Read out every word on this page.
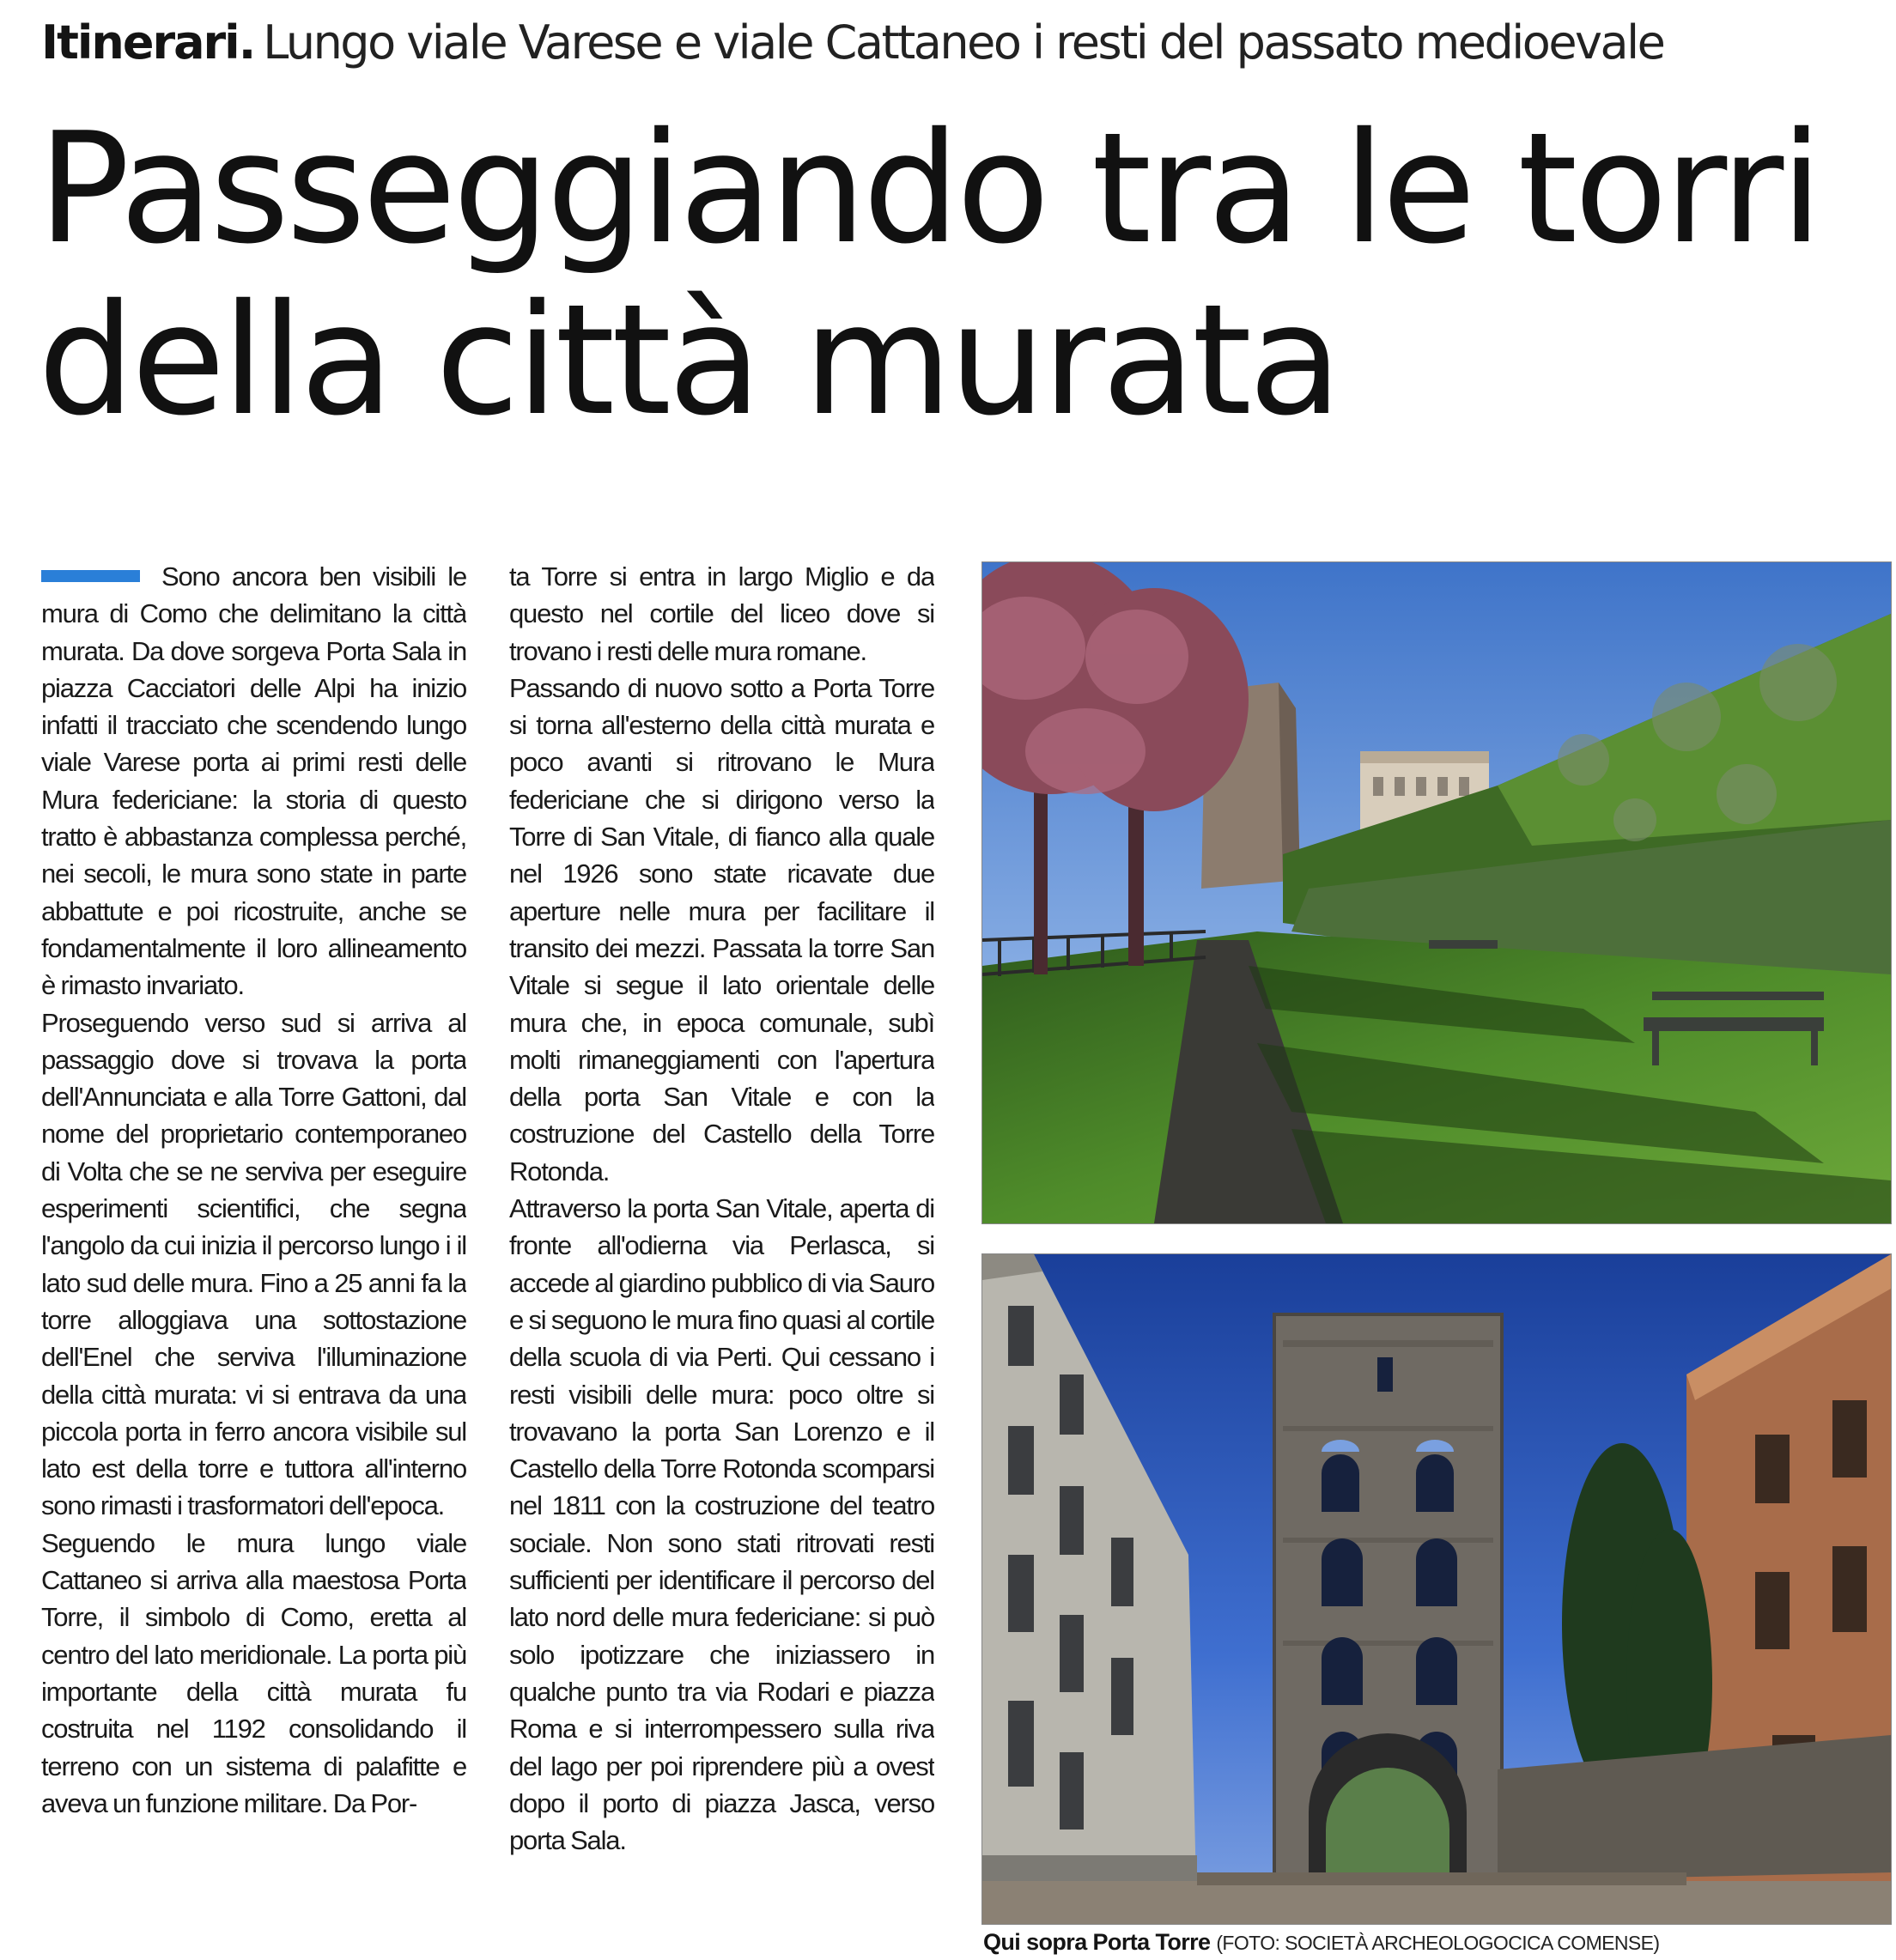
Itinerari. Lungo viale Varese e viale Cattaneo i resti del passato medioevale
Passeggiando tra le torri
della città murata

Sono ancora ben visibili le mura di Como che delimitano la città murata. Da dove sorgeva Porta Sala in piazza Cacciatori delle Alpi ha inizio infatti il tracciato che scendendo lungo viale Varese porta ai primi resti delle Mura federiciane: la storia di questo tratto è abbastanza complessa perché, nei secoli, le mura sono state in parte abbattute e poi ricostruite, anche se fondamentalmente il loro allineamento è rimasto invariato.

Proseguendo verso sud si arriva al passaggio dove si trovava la porta dell'Annunciata e alla Torre Gattoni, dal nome del proprietario contemporaneo di Volta che se ne serviva per eseguire esperimenti scientifici, che segna l'angolo da cui inizia il percorso lungo i il lato sud delle mura. Fino a 25 anni fa la torre alloggiava una sottostazione dell'Enel che serviva l'illuminazione della città murata: vi si entrava da una piccola porta in ferro ancora visibile sul lato est della torre e tuttora all'interno sono rimasti i trasformatori dell'epoca.

Seguendo le mura lungo viale Cattaneo si arriva alla maestosa Porta Torre, il simbolo di Como, eretta al centro del lato meridionale. La porta più importante della città murata fu costruita nel 1192 consolidando il terreno con un sistema di palafitte e aveva un funzione militare. Da Por-

ta Torre si entra in largo Miglio e da questo nel cortile del liceo dove si trovano i resti delle mura romane.

Passando di nuovo sotto a Porta Torre si torna all'esterno della città murata e poco avanti si ritrovano le Mura federiciane che si dirigono verso la Torre di San Vitale, di fianco alla quale nel 1926 sono state ricavate due aperture nelle mura per facilitare il transito dei mezzi. Passata la torre San Vitale si segue il lato orientale delle mura che, in epoca comunale, subì molti rimaneggiamenti con l'apertura della porta San Vitale e con la costruzione del Castello della Torre Rotonda.

Attraverso la porta San Vitale, aperta di fronte all'odierna via Perlasca, si accede al giardino pubblico di via Sauro e si seguono le mura fino quasi al cortile della scuola di via Perti. Qui cessano i resti visibili delle mura: poco oltre si trovavano la porta San Lorenzo e il Castello della Torre Rotonda scomparsi nel 1811 con la costruzione del teatro sociale. Non sono stati ritrovati resti sufficienti per identificare il percorso del lato nord delle mura federiciane: si può solo ipotizzare che iniziassero in qualche punto tra via Rodari e piazza Roma e si interrompessero sulla riva del lago per poi riprendere più a ovest dopo il porto di piazza Jasca, verso porta Sala.

Qui sopra Porta Torre (FOTO: SOCIETÀ ARCHEOLOGOCICA COMENSE)
